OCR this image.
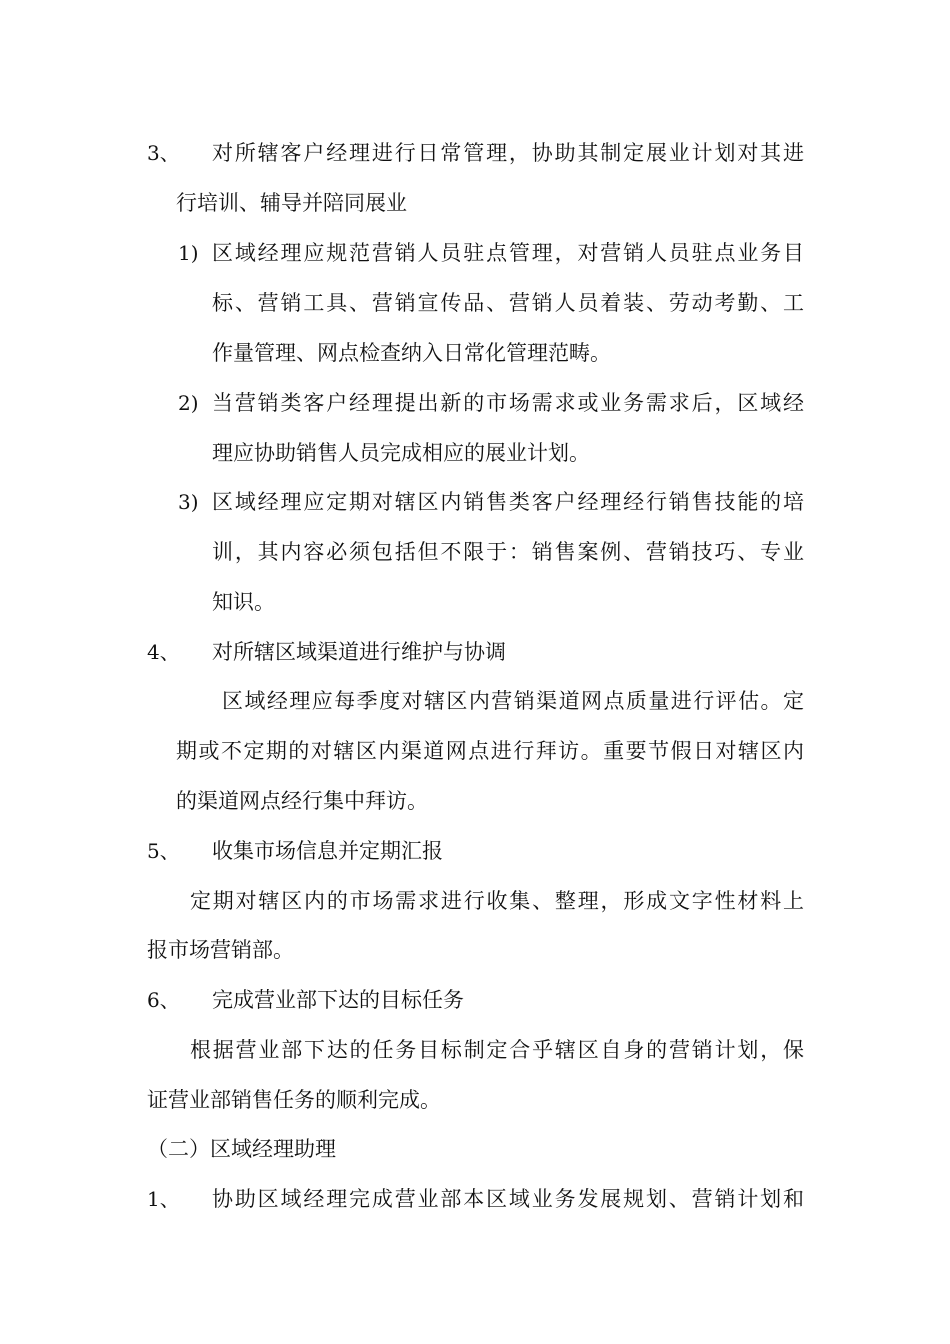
3、 对所辖客户经理进行日常管理，协助其制定展业计划对其进
行培训、辅导并陪同展业
1) 区域经理应规范营销人员驻点管理，对营销人员驻点业务目
标、营销工具、营销宣传品、营销人员着装、劳动考勤、工
作量管理、网点检查纳入日常化管理范畴。
2) 当营销类客户经理提出新的市场需求或业务需求后，区域经
理应协助销售人员完成相应的展业计划。
3) 区域经理应定期对辖区内销售类客户经理经行销售技能的培
训，其内容必须包括但不限于：销售案例、营销技巧、专业
知识。
4、 对所辖区域渠道进行维护与协调
区域经理应每季度对辖区内营销渠道网点质量进行评估。定
期或不定期的对辖区内渠道网点进行拜访。重要节假日对辖区内
的渠道网点经行集中拜访。
5、 收集市场信息并定期汇报
定期对辖区内的市场需求进行收集、整理，形成文字性材料上
报市场营销部。
6、 完成营业部下达的目标任务
根据营业部下达的任务目标制定合乎辖区自身的营销计划，保
证营业部销售任务的顺利完成。
（二）区域经理助理
1、 协助区域经理完成营业部本区域业务发展规划、营销计划和
